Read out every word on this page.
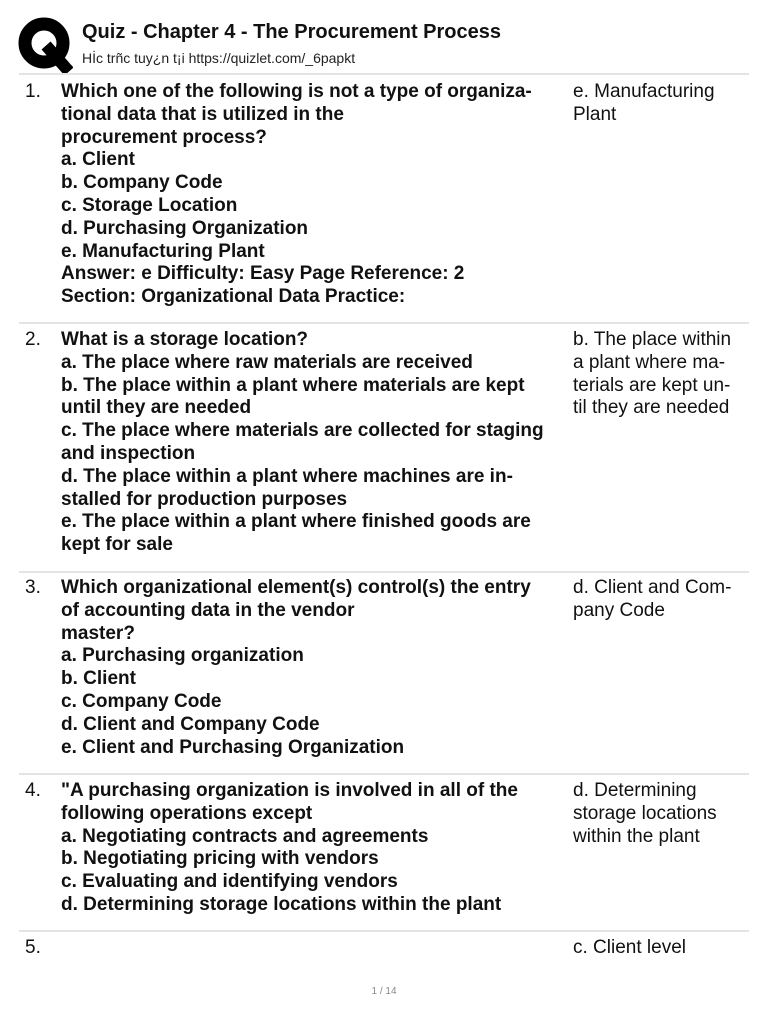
Quiz - Chapter 4 - The Procurement Process
Hİc trñc tuy¿n t¡i https://quizlet.com/_6papkt
1. Which one of the following is not a type of organiza-
tional data that is utilized in the
procurement process?
a. Client
b. Company Code
c. Storage Location
d. Purchasing Organization
e. Manufacturing Plant
Answer: e Difficulty: Easy Page Reference: 2
Section: Organizational Data Practice:
e. Manufacturing
Plant
2. What is a storage location?
a. The place where raw materials are received
b. The place within a plant where materials are kept
until they are needed
c. The place where materials are collected for staging
and inspection
d. The place within a plant where machines are in-
stalled for production purposes
e. The place within a plant where finished goods are
kept for sale
b. The place within
a plant where ma-
terials are kept un-
til they are needed
3. Which organizational element(s) control(s) the entry
of accounting data in the vendor
master?
a. Purchasing organization
b. Client
c. Company Code
d. Client and Company Code
e. Client and Purchasing Organization
d. Client and Com-
pany Code
4. "A purchasing organization is involved in all of the
following operations except
a. Negotiating contracts and agreements
b. Negotiating pricing with vendors
c. Evaluating and identifying vendors
d. Determining storage locations within the plant
d. Determining
storage locations
within the plant
5.	c. Client level
1 / 14
